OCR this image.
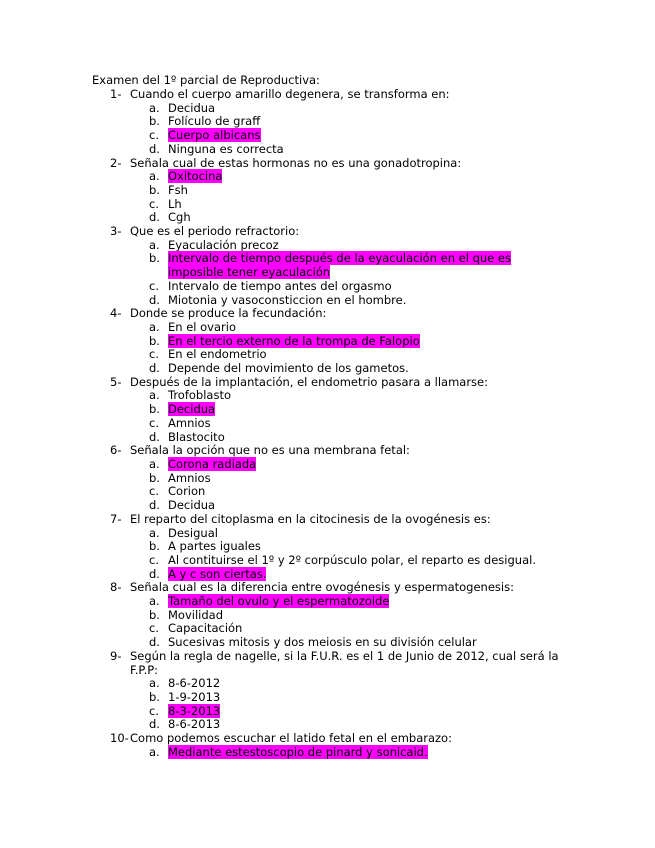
Examen del 1º parcial de Reproductiva:
1- Cuando el cuerpo amarillo degenera, se transforma en:
a. Decidua
b. Folículo de graff
c. Cuerpo albicans
d. Ninguna es correcta
2- Señala cual de estas hormonas no es una gonadotropina:
a. Oxitocina
b. Fsh
c. Lh
d. Cgh
3- Que es el periodo refractorio:
a. Eyaculación precoz
b. Intervalo de tiempo después de la eyaculación en el que es imposible tener eyaculación
c. Intervalo de tiempo antes del orgasmo
d. Miotonia y vasoconsticcion en el hombre.
4- Donde se produce la fecundación:
a. En el ovario
b. En el tercio externo de la trompa de Falopio
c. En el endometrio
d. Depende del movimiento de los gametos.
5- Después de la implantación, el endometrio pasara a llamarse:
a. Trofoblasto
b. Decidua
c. Amnios
d. Blastocito
6- Señala la opción que no es una membrana fetal:
a. Corona radiada
b. Amnios
c. Corion
d. Decidua
7- El reparto del citoplasma en la citocinesis de la ovogénesis es:
a. Desigual
b. A partes iguales
c. Al contituirse el 1º y 2º corpúsculo polar, el reparto es desigual.
d. A y c son ciertas.
8- Señala cual es la diferencia entre ovogénesis y espermatogenesis:
a. Tamaño del ovulo y el espermatozoide
b. Movilidad
c. Capacitación
d. Sucesivas mitosis y dos meiosis en su división celular
9- Según la regla de nagelle, si la F.U.R. es el 1 de Junio de 2012, cual será la F.P.P:
a. 8-6-2012
b. 1-9-2013
c. 8-3-2013
d. 8-6-2013
10- Como podemos escuchar el latido fetal en el embarazo:
a. Mediante estestoscopio de pinard y sonicaid.
